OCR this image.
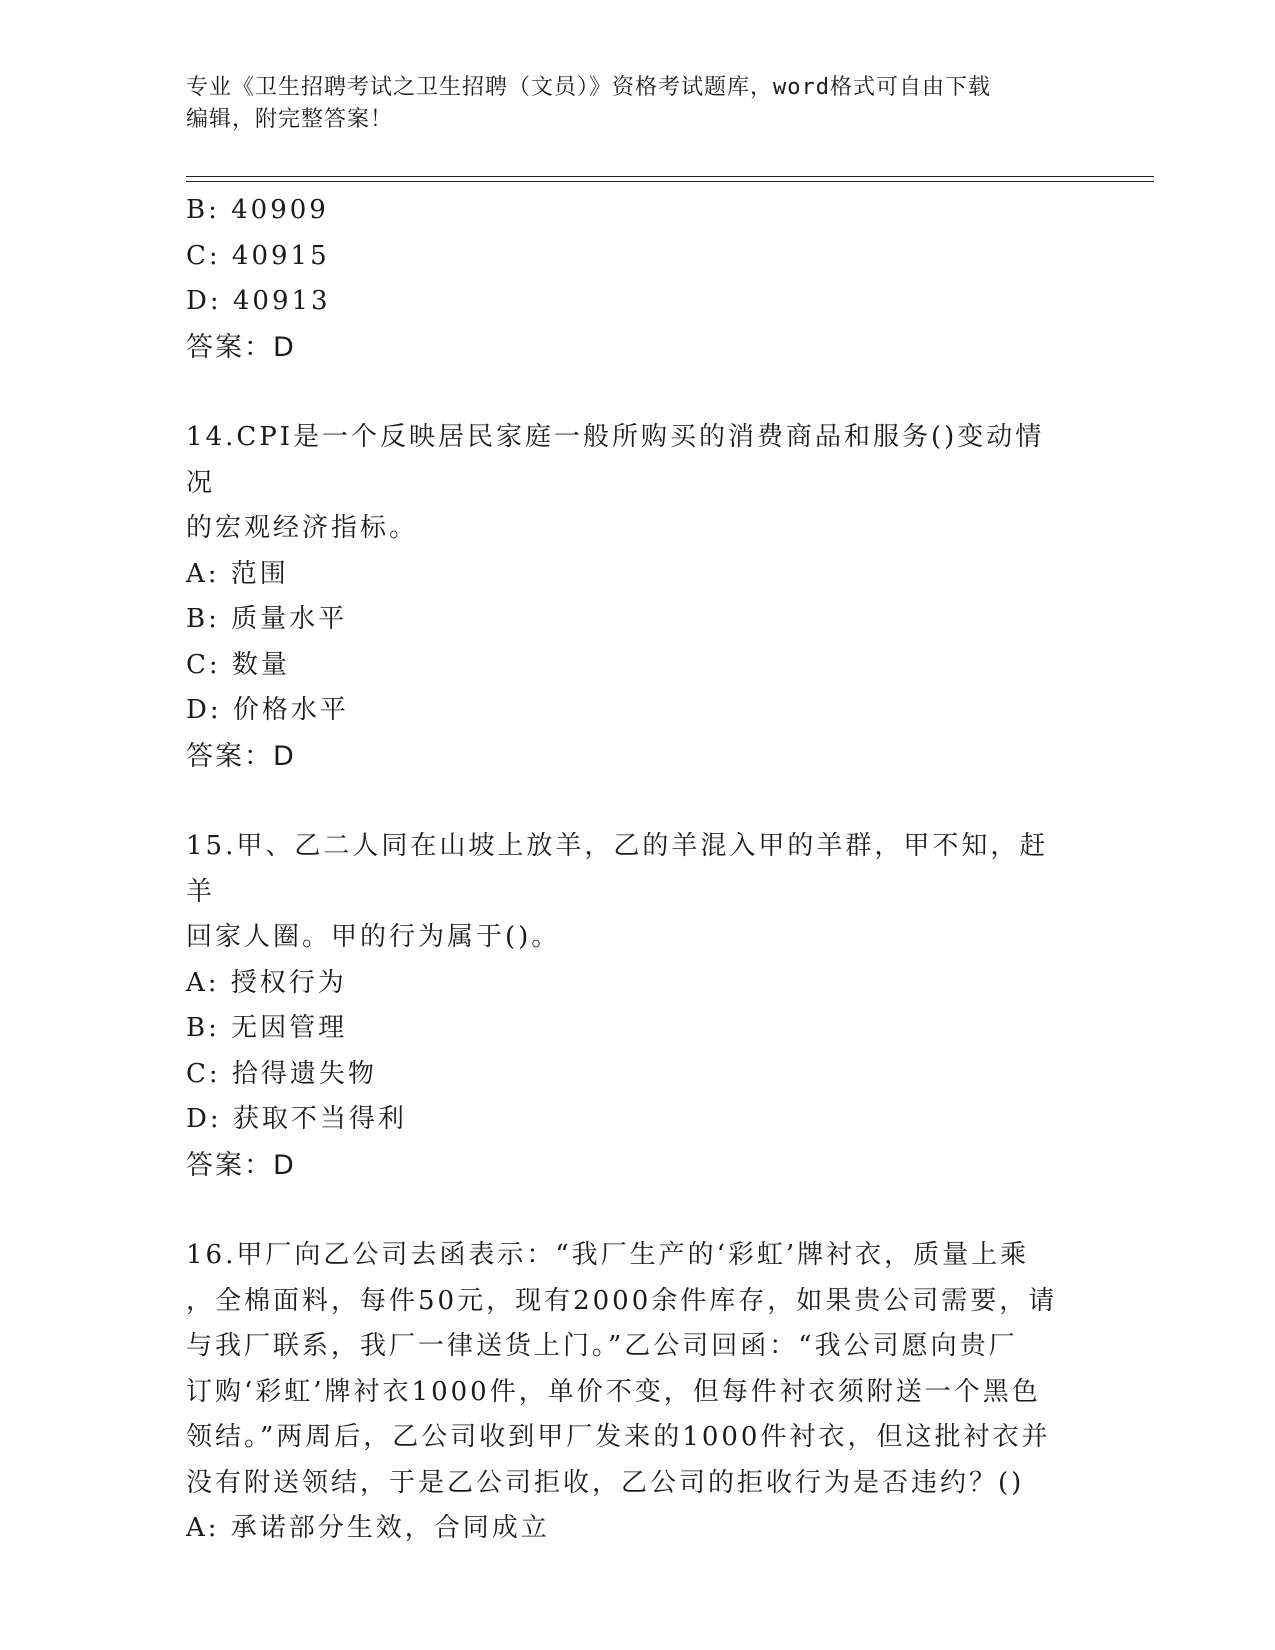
专业《卫生招聘考试之卫生招聘（文员）》资格考试题库，word格式可自由下载
编辑，附完整答案！
B: 40909
C: 40915
D: 40913
答案：D
14.CPI是一个反映居民家庭一般所购买的消费商品和服务()变动情况
的宏观经济指标。
A: 范围
B: 质量水平
C: 数量
D: 价格水平
答案：D
15.甲、乙二人同在山坡上放羊，乙的羊混入甲的羊群，甲不知，赶羊
回家人圈。甲的行为属于()。
A: 授权行为
B: 无因管理
C: 拾得遗失物
D: 获取不当得利
答案：D
16.甲厂向乙公司去函表示：“我厂生产的‘彩虹’牌衬衣，质量上乘
，全棉面料，每件50元，现有2000余件库存，如果贵公司需要，请
与我厂联系，我厂一律送货上门。”乙公司回函：“我公司愿向贵厂
订购‘彩虹’牌衬衣1000件，单价不变，但每件衬衣须附送一个黑色
领结。”两周后，乙公司收到甲厂发来的1000件衬衣，但这批衬衣并
没有附送领结，于是乙公司拒收，乙公司的拒收行为是否违约？()
A: 承诺部分生效，合同成立
